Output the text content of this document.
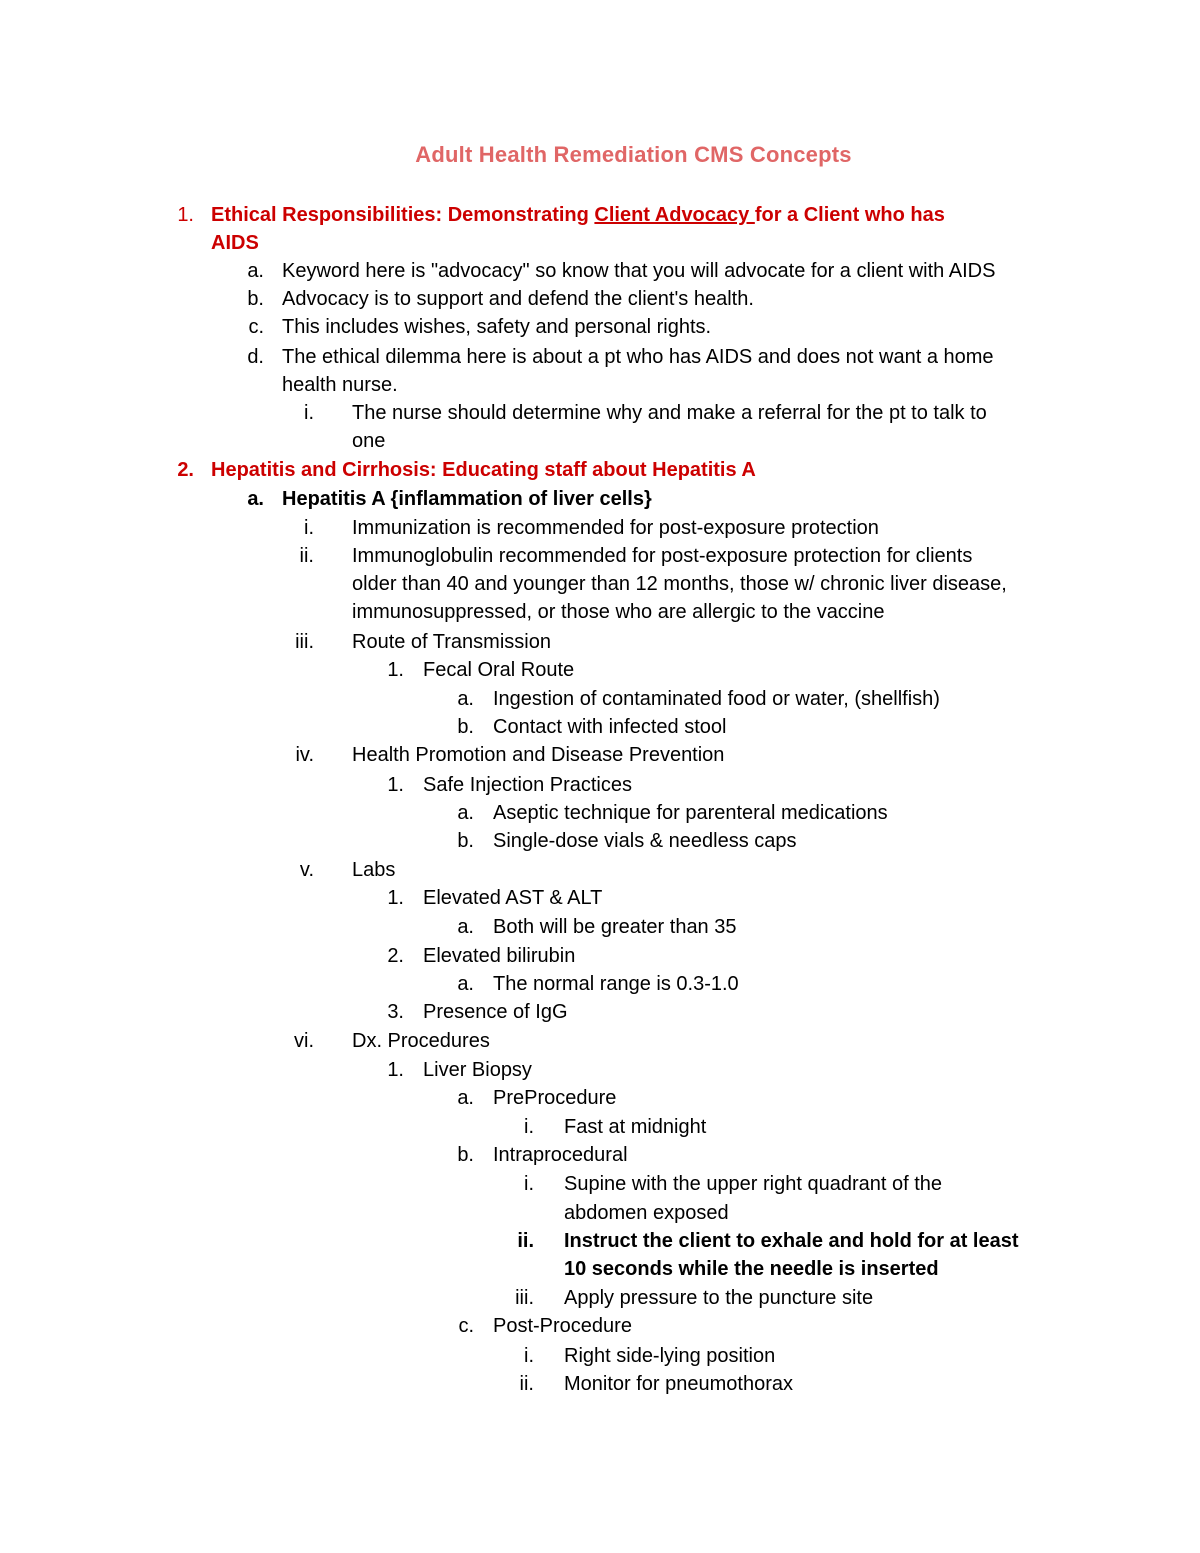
Adult Health Remediation CMS Concepts
1. Ethical Responsibilities: Demonstrating Client Advocacy for a Client who has
AIDS
a. Keyword here is "advocacy" so know that you will advocate for a client with AIDS
b. Advocacy is to support and defend the client's health.
c. This includes wishes, safety and personal rights.
d. The ethical dilemma here is about a pt who has AIDS and does not want a home
health nurse.
i. The nurse should determine why and make a referral for the pt to talk to
one
2. Hepatitis and Cirrhosis: Educating staff about Hepatitis A
a. Hepatitis A {inflammation of liver cells}
i. Immunization is recommended for post-exposure protection
ii. Immunoglobulin recommended for post-exposure protection for clients
older than 40 and younger than 12 months, those w/ chronic liver disease,
immunosuppressed, or those who are allergic to the vaccine
iii. Route of Transmission
1. Fecal Oral Route
a. Ingestion of contaminated food or water, (shellfish)
b. Contact with infected stool
iv. Health Promotion and Disease Prevention
1. Safe Injection Practices
a. Aseptic technique for parenteral medications
b. Single-dose vials & needless caps
v. Labs
1. Elevated AST & ALT
a. Both will be greater than 35
2. Elevated bilirubin
a. The normal range is 0.3-1.0
3. Presence of IgG
vi. Dx. Procedures
1. Liver Biopsy
a. PreProcedure
i. Fast at midnight
b. Intraprocedural
i. Supine with the upper right quadrant of the
abdomen exposed
ii. Instruct the client to exhale and hold for at least
10 seconds while the needle is inserted
iii. Apply pressure to the puncture site
c. Post-Procedure
i. Right side-lying position
ii. Monitor for pneumothorax
